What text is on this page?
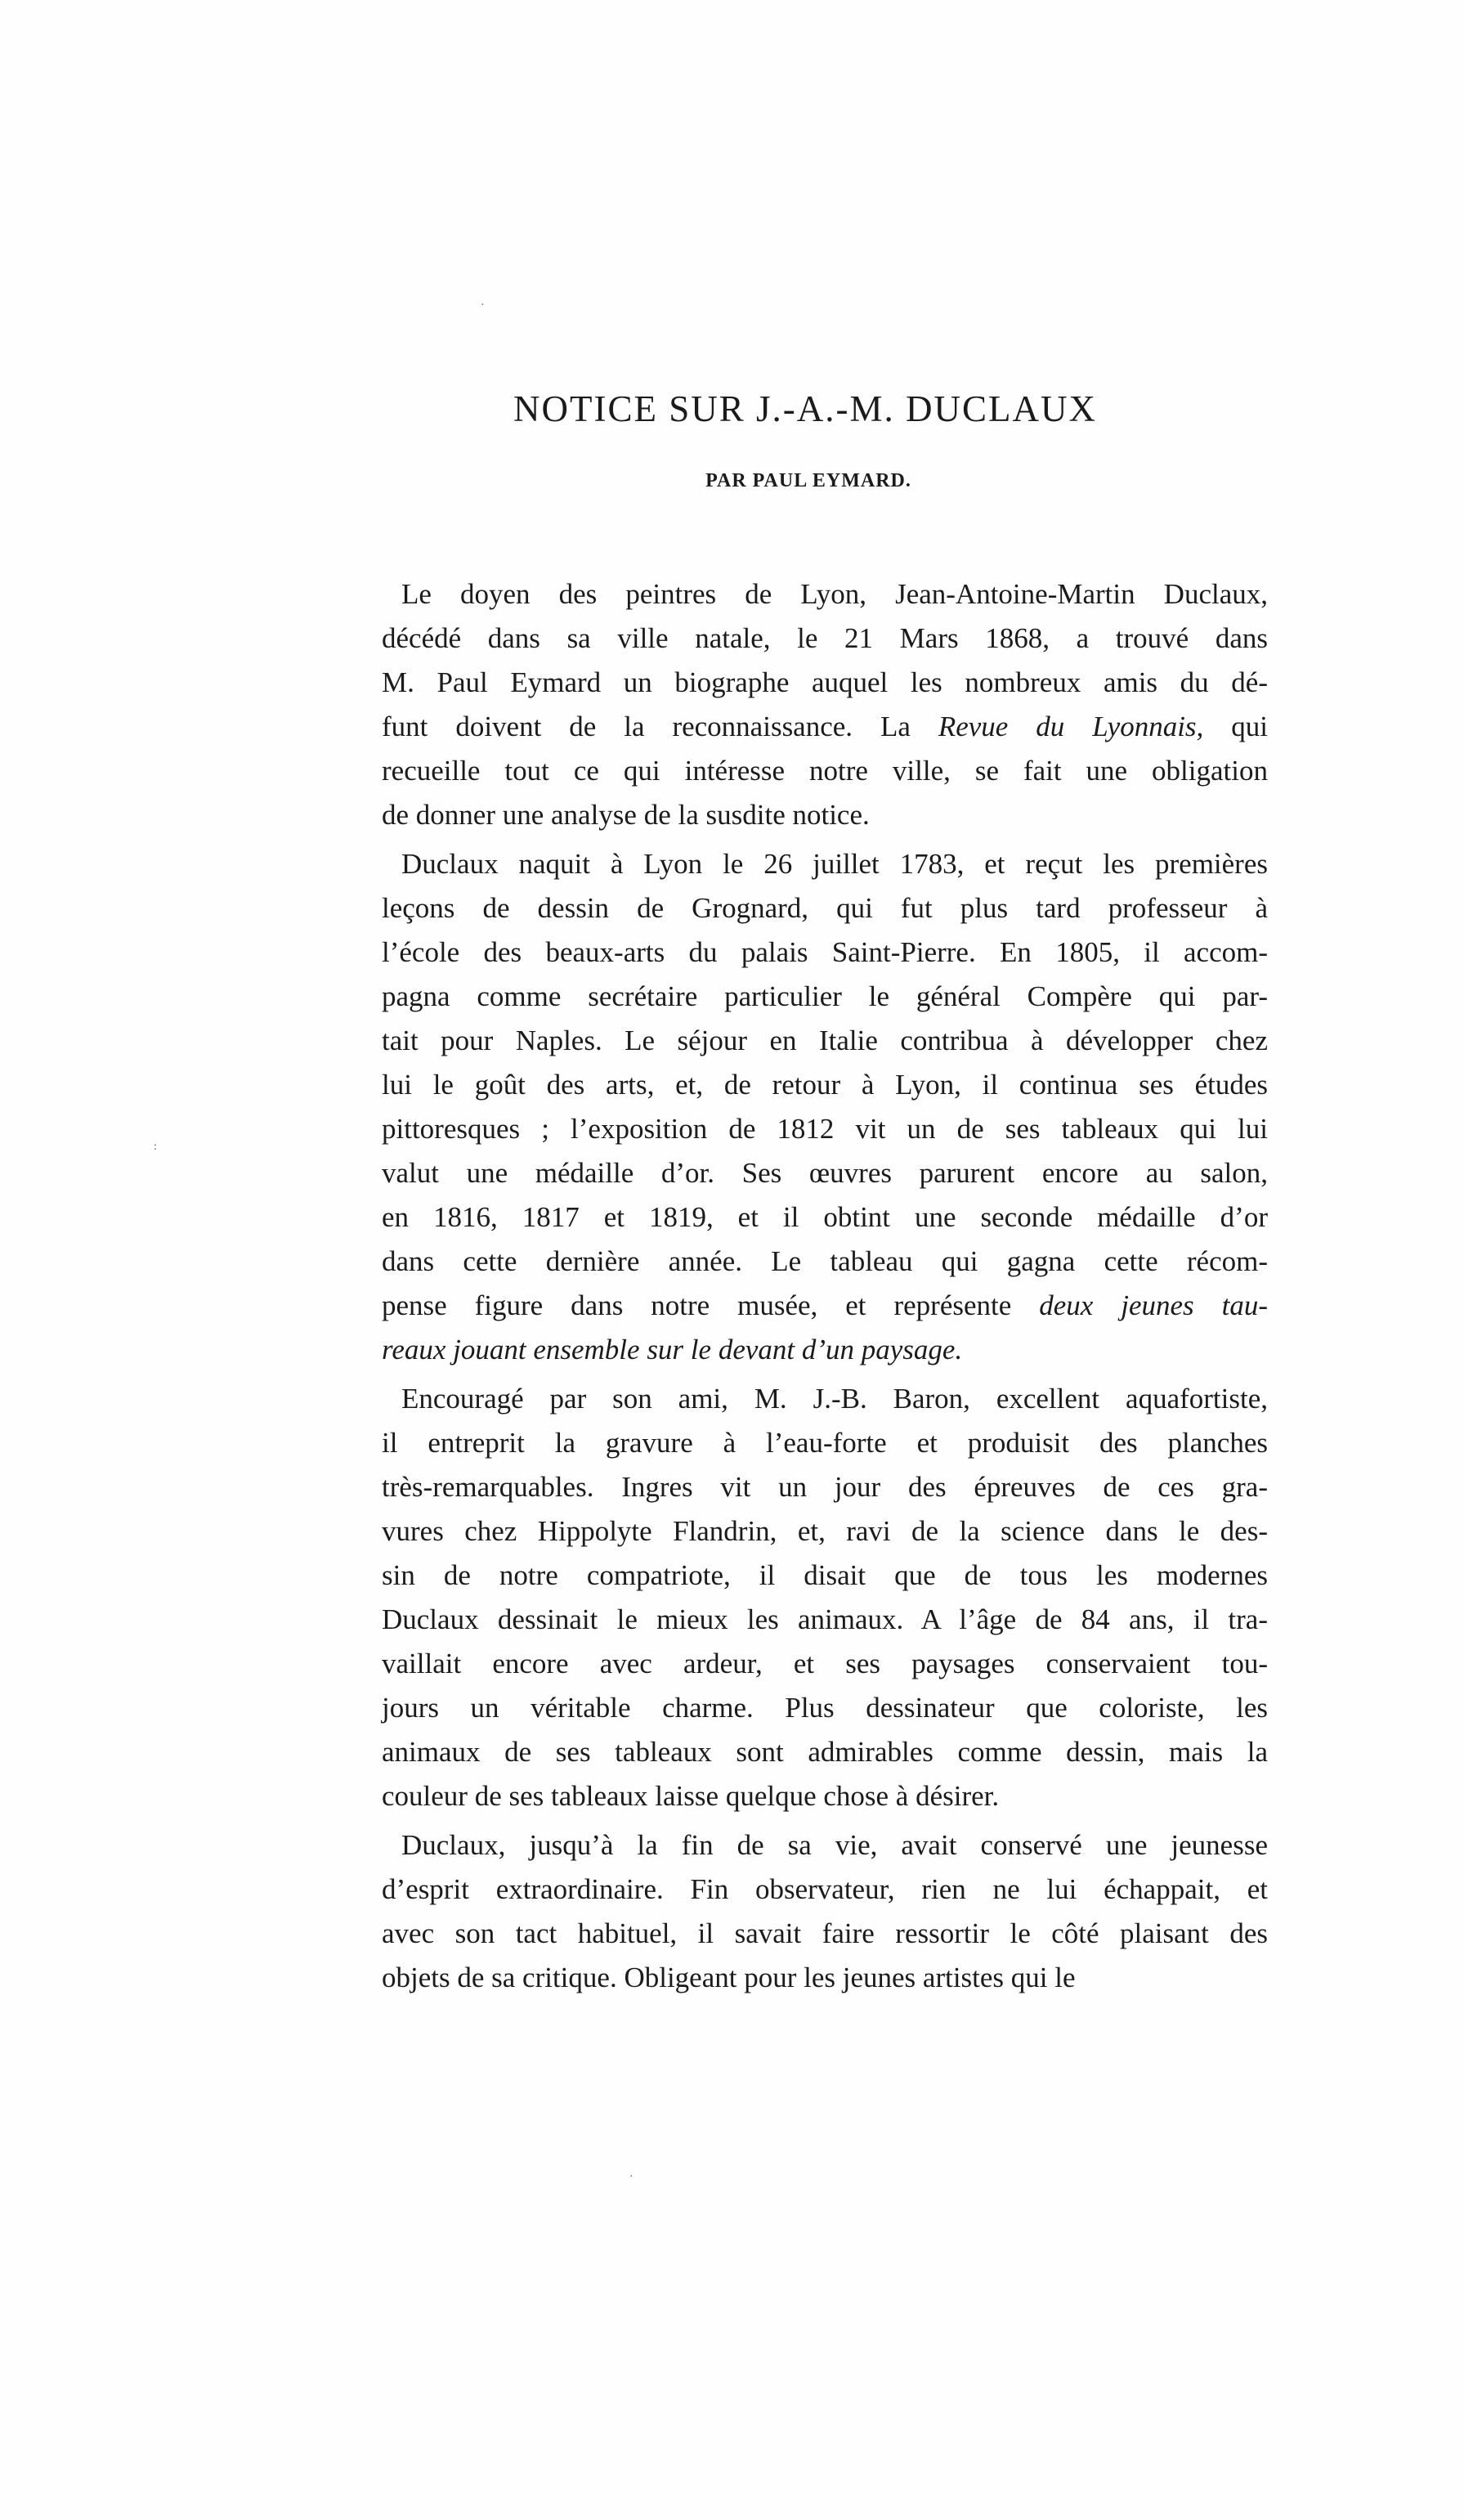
NOTICE SUR J.-A.-M. DUCLAUX

PAR PAUL EYMARD.

Le doyen des peintres de Lyon, Jean-Antoine-Martin Duclaux,
décédé dans sa ville natale, le 21 Mars 1868, a trouvé dans
M. Paul Eymard un biographe auquel les nombreux amis du dé-
funt doivent de la reconnaissance. La Revue du Lyonnais, qui
recueille tout ce qui intéresse notre ville, se fait une obligation
de donner une analyse de la susdite notice.
Duclaux naquit à Lyon le 26 juillet 1783, et reçut les premières
leçons de dessin de Grognard, qui fut plus tard professeur à
l’école des beaux-arts du palais Saint-Pierre. En 1805, il accom-
pagna comme secrétaire particulier le général Compère qui par-
tait pour Naples. Le séjour en Italie contribua à développer chez
lui le goût des arts, et, de retour à Lyon, il continua ses études
pittoresques ; l’exposition de 1812 vit un de ses tableaux qui lui
valut une médaille d’or. Ses œuvres parurent encore au salon,
en 1816, 1817 et 1819, et il obtint une seconde médaille d’or
dans cette dernière année. Le tableau qui gagna cette récom-
pense figure dans notre musée, et représente deux jeunes tau-
reaux jouant ensemble sur le devant d’un paysage.
Encouragé par son ami, M. J.-B. Baron, excellent aquafortiste,
il entreprit la gravure à l’eau-forte et produisit des planches
très-remarquables. Ingres vit un jour des épreuves de ces gra-
vures chez Hippolyte Flandrin, et, ravi de la science dans le des-
sin de notre compatriote, il disait que de tous les modernes
Duclaux dessinait le mieux les animaux. A l’âge de 84 ans, il tra-
vaillait encore avec ardeur, et ses paysages conservaient tou-
jours un véritable charme. Plus dessinateur que coloriste, les
animaux de ses tableaux sont admirables comme dessin, mais la
couleur de ses tableaux laisse quelque chose à désirer.
Duclaux, jusqu’à la fin de sa vie, avait conservé une jeunesse
d’esprit extraordinaire. Fin observateur, rien ne lui échappait, et
avec son tact habituel, il savait faire ressortir le côté plaisant des
objets de sa critique. Obligeant pour les jeunes artistes qui le
·
:
·
